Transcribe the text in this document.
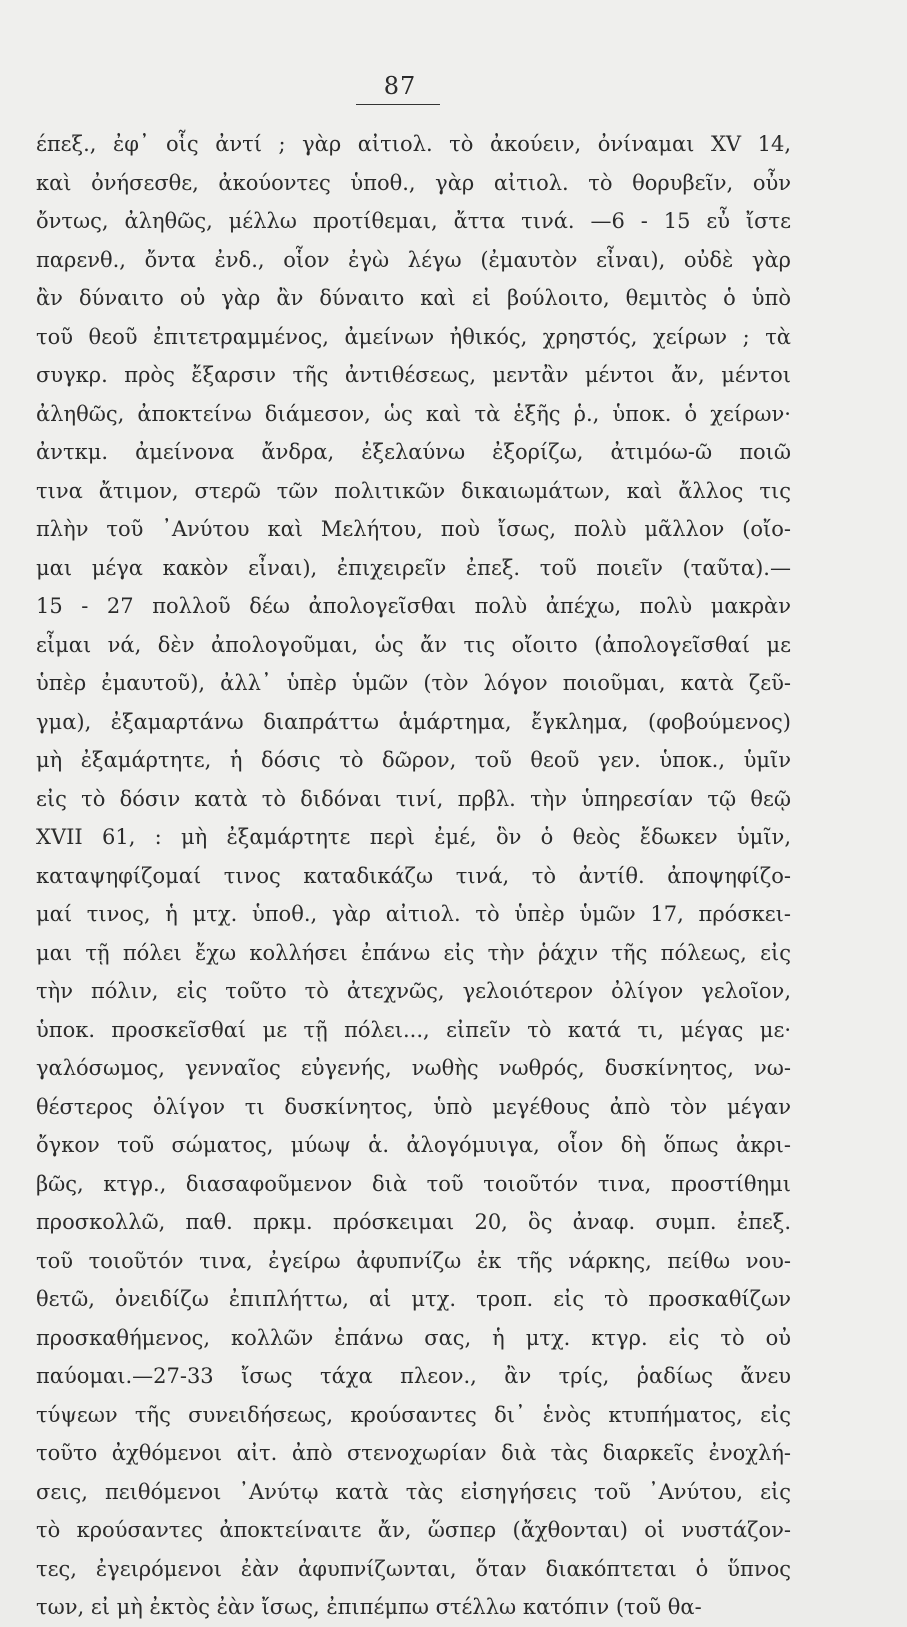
87
έπεξ., ἐφ᾽ οἷς ἀντί ; γὰρ αἰτιολ. τὸ ἀκούειν, ὀνίναμαι XV 14,
καὶ ὀνήσεσθε, ἀκούοντες ὑποθ., γὰρ αἰτιολ. τὸ θορυβεῖν, οὖν
ὄντως, ἀληθῶς, μέλλω προτίθεμαι, ἄττα τινά. —6 - 15 εὖ ἴστε
παρενθ., ὄντα ἐνδ., οἷον ἐγὼ λέγω (ἐμαυτὸν εἶναι), οὐδὲ γὰρ
ἂν δύναιτο οὐ γὰρ ἂν δύναιτο καὶ εἰ βούλοιτο, θεμιτὸς ὁ ὑπὸ
τοῦ θεοῦ ἐπιτετραμμένος, ἀμείνων ἠθικός, χρηστός, χείρων ; τὰ
συγκρ. πρὸς ἔξαρσιν τῆς ἀντιθέσεως, μεντἂν μέντοι ἄν, μέντοι
ἀληθῶς, ἀποκτείνω διάμεσον, ὡς καὶ τὰ ἑξῆς ῥ., ὑποκ. ὁ χείρων·
ἀντκμ. ἀμείνονα ἄνδρα, ἐξελαύνω ἐξορίζω, ἀτιμόω-ῶ ποιῶ
τινα ἄτιμον, στερῶ τῶν πολιτικῶν δικαιωμάτων, καὶ ἄλλος τις
πλὴν τοῦ ᾽Ανύτου καὶ Μελήτου, ποὺ ἴσως, πολὺ μᾶλλον (οἴο-
μαι μέγα κακὸν εἶναι), ἐπιχειρεῖν ἐπεξ. τοῦ ποιεῖν (ταῦτα).—
15 - 27 πολλοῦ δέω ἀπολογεῖσθαι πολὺ ἀπέχω, πολὺ μακρὰν
εἶμαι νά, δὲν ἀπολογοῦμαι, ὡς ἄν τις οἴοιτο (ἀπολογεῖσθαί με
ὑπὲρ ἐμαυτοῦ), ἀλλ᾽ ὑπὲρ ὑμῶν (τὸν λόγον ποιοῦμαι, κατὰ ζεῦ-
γμα), ἐξαμαρτάνω διαπράττω ἁμάρτημα, ἔγκλημα, (φοβούμενος)
μὴ ἐξαμάρτητε, ἡ δόσις τὸ δῶρον, τοῦ θεοῦ γεν. ὑποκ., ὑμῖν
εἰς τὸ δόσιν κατὰ τὸ διδόναι τινί, πρβλ. τὴν ὑπηρεσίαν τῷ θεῷ
XVII 61, : μὴ ἐξαμάρτητε περὶ ἐμέ, ὃν ὁ θεὸς ἔδωκεν ὑμῖν,
καταψηφίζομαί τινος καταδικάζω τινά, τὸ ἀντίθ. ἀποψηφίζο-
μαί τινος, ἡ μτχ. ὑποθ., γὰρ αἰτιολ. τὸ ὑπὲρ ὑμῶν 17, πρόσκει-
μαι τῇ πόλει ἔχω κολλήσει ἐπάνω εἰς τὴν ῥάχιν τῆς πόλεως, εἰς
τὴν πόλιν, εἰς τοῦτο τὸ ἀτεχνῶς, γελοιότερον ὀλίγον γελοῖον,
ὑποκ. προσκεῖσθαί με τῇ πόλει..., εἰπεῖν τὸ κατά τι, μέγας με·
γαλόσωμος, γενναῖος εὐγενής, νωθὴς νωθρός, δυσκίνητος, νω-
θέστερος ὀλίγον τι δυσκίνητος, ὑπὸ μεγέθους ἀπὸ τὸν μέγαν
ὄγκον τοῦ σώματος, μύωψ ἁ. ἀλογόμυιγα, οἷον δὴ ὅπως ἀκρι-
βῶς, κτγρ., διασαφοῦμενον διὰ τοῦ τοιοῦτόν τινα, προστίθημι
προσκολλῶ, παθ. πρκμ. πρόσκειμαι 20, ὃς ἀναφ. συμπ. ἐπεξ.
τοῦ τοιοῦτόν τινα, ἐγείρω ἀφυπνίζω ἐκ τῆς νάρκης, πείθω νου-
θετῶ, ὀνειδίζω ἐπιπλήττω, αἱ μτχ. τροπ. εἰς τὸ προσκαθίζων
προσκαθήμενος, κολλῶν ἐπάνω σας, ἡ μτχ. κτγρ. εἰς τὸ οὐ
παύομαι.—27-33 ἴσως τάχα πλεον., ἂν τρίς, ῥαδίως ἄνευ
τύψεων τῆς συνειδήσεως, κρούσαντες δι᾽ ἑνὸς κτυπήματος, εἰς
τοῦτο ἀχθόμενοι αἰτ. ἀπὸ στενοχωρίαν διὰ τὰς διαρκεῖς ἐνοχλή-
σεις, πειθόμενοι ᾽Ανύτῳ κατὰ τὰς εἰσηγήσεις τοῦ ᾽Ανύτου, εἰς
τὸ κρούσαντες ἀποκτείναιτε ἄν, ὥσπερ (ἄχθονται) οἱ νυστάζον-
τες, ἐγειρόμενοι ἐὰν ἀφυπνίζωνται, ὅταν διακόπτεται ὁ ὕπνος
των, εἰ μὴ ἐκτὸς ἐὰν ἴσως, ἐπιπέμπω στέλλω κατόπιν (τοῦ θα-
